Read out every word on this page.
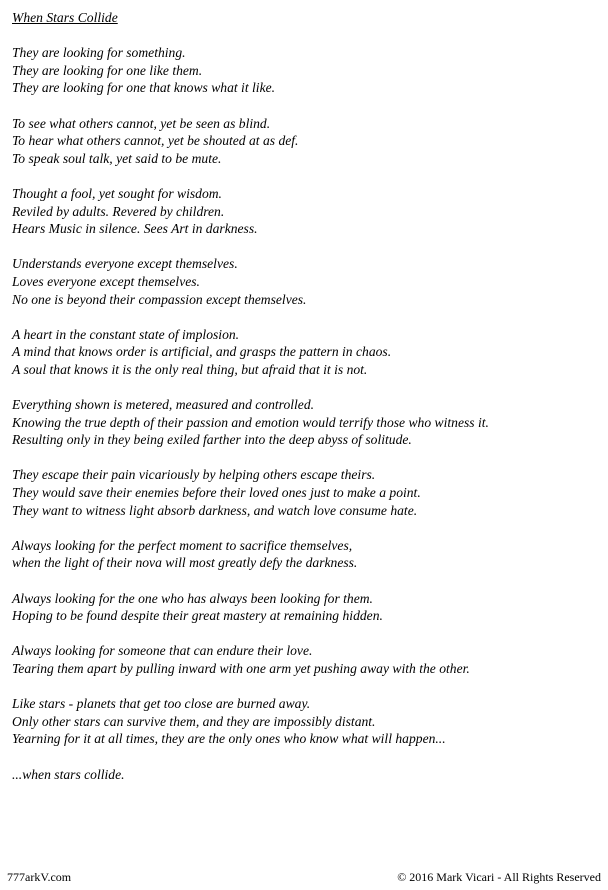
When Stars Collide
They are looking for something.
They are looking for one like them.
They are looking for one that knows what it like.
To see what others cannot, yet be seen as blind.
To hear what others cannot, yet be shouted at as def.
To speak soul talk, yet said to be mute.
Thought a fool, yet sought for wisdom.
Reviled by adults. Revered by children.
Hears Music in silence. Sees Art in darkness.
Understands everyone except themselves.
Loves everyone except themselves.
No one is beyond their compassion except themselves.
A heart in the constant state of implosion.
A mind that knows order is artificial, and grasps the pattern in chaos.
A soul that knows it is the only real thing, but afraid that it is not.
Everything shown is metered, measured and controlled.
Knowing the true depth of their passion and emotion would terrify those who witness it.
Resulting only in they being exiled farther into the deep abyss of solitude.
They escape their pain vicariously by helping others escape theirs.
They would save their enemies before their loved ones just to make a point.
They want to witness light absorb darkness, and watch love consume hate.
Always looking for the perfect moment to sacrifice themselves,
when the light of their nova will most greatly defy the darkness.
Always looking for the one who has always been looking for them.
Hoping to be found despite their great mastery at remaining hidden.
Always looking for someone that can endure their love.
Tearing them apart by pulling inward with one arm yet pushing away with the other.
Like stars - planets that get too close are burned away.
Only other stars can survive them, and they are impossibly distant.
Yearning for it at all times, they are the only ones who know what will happen...
...when stars collide.
777arkV.com	© 2016 Mark Vicari - All Rights Reserved
